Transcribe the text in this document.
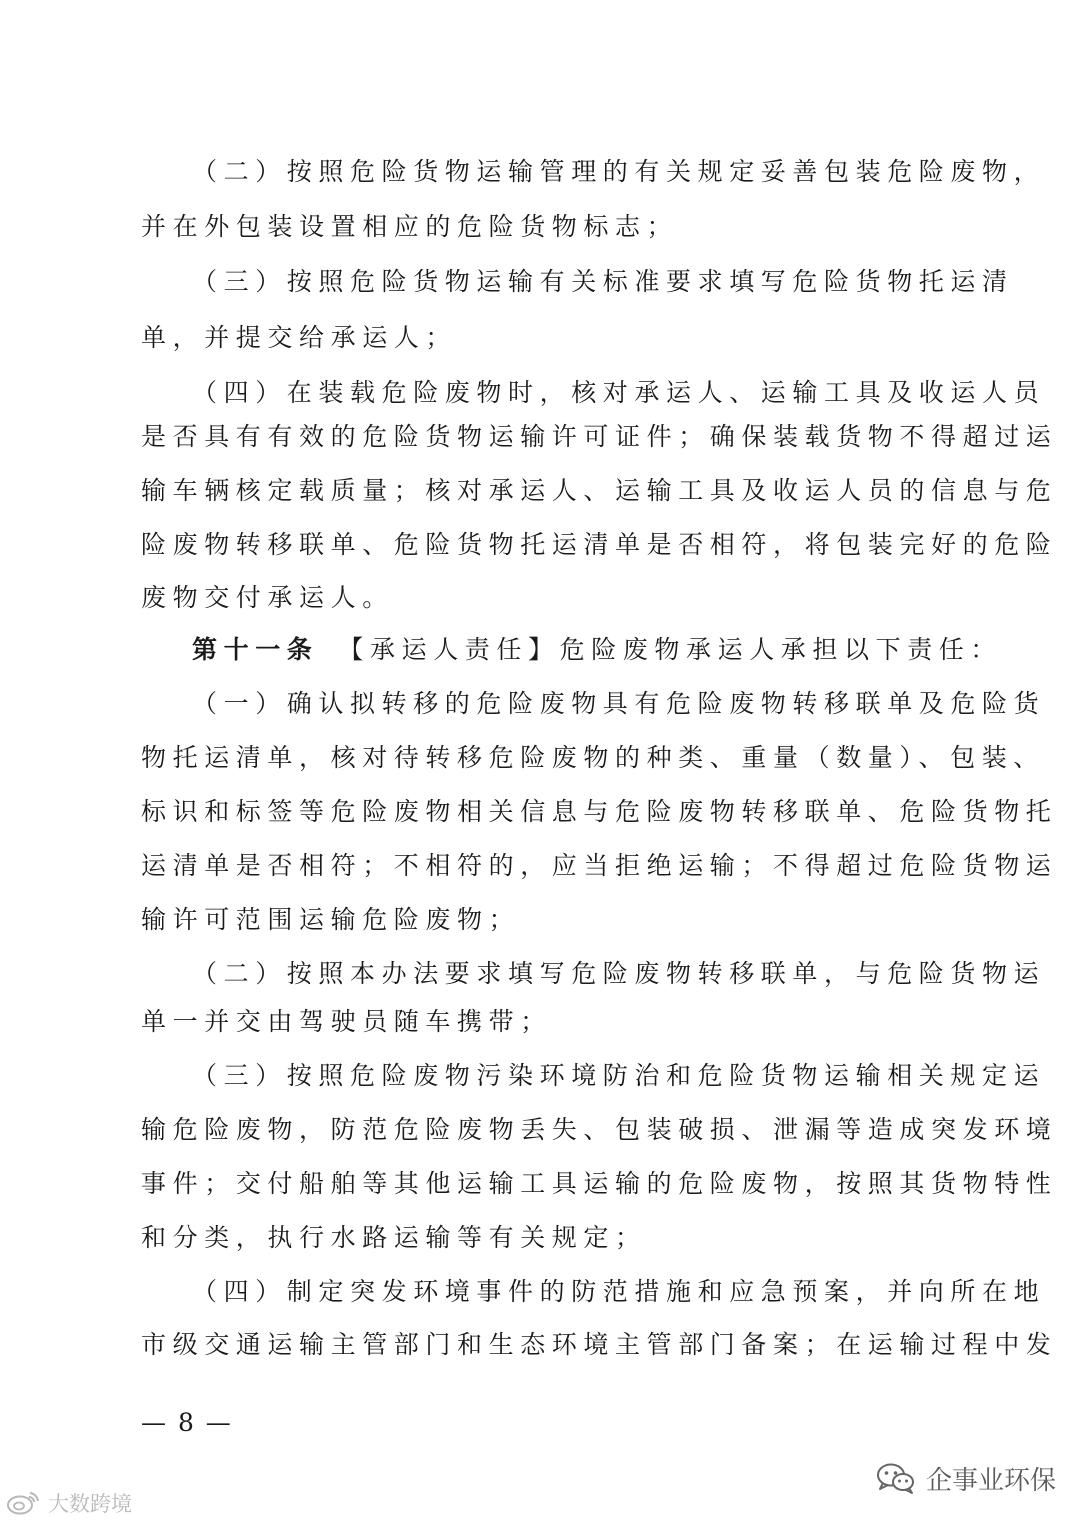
（二）按照危险货物运输管理的有关规定妥善包装危险废物，
并在外包装设置相应的危险货物标志；
（三）按照危险货物运输有关标准要求填写危险货物托运清
单，并提交给承运人；
（四）在装载危险废物时，核对承运人、运输工具及收运人员
是否具有有效的危险货物运输许可证件；确保装载货物不得超过运
输车辆核定载质量；核对承运人、运输工具及收运人员的信息与危
险废物转移联单、危险货物托运清单是否相符，将包装完好的危险
废物交付承运人。
第十一条 【承运人责任】危险废物承运人承担以下责任：
（一）确认拟转移的危险废物具有危险废物转移联单及危险货
物托运清单，核对待转移危险废物的种类、重量（数量）、包装、
标识和标签等危险废物相关信息与危险废物转移联单、危险货物托
运清单是否相符；不相符的，应当拒绝运输；不得超过危险货物运
输许可范围运输危险废物；
（二）按照本办法要求填写危险废物转移联单，与危险货物运
单一并交由驾驶员随车携带；
（三）按照危险废物污染环境防治和危险货物运输相关规定运
输危险废物，防范危险废物丢失、包装破损、泄漏等造成突发环境
事件；交付船舶等其他运输工具运输的危险废物，按照其货物特性
和分类，执行水路运输等有关规定；
（四）制定突发环境事件的防范措施和应急预案，并向所在地
市级交通运输主管部门和生态环境主管部门备案；在运输过程中发
— 8 —
大数跨境
企事业环保
